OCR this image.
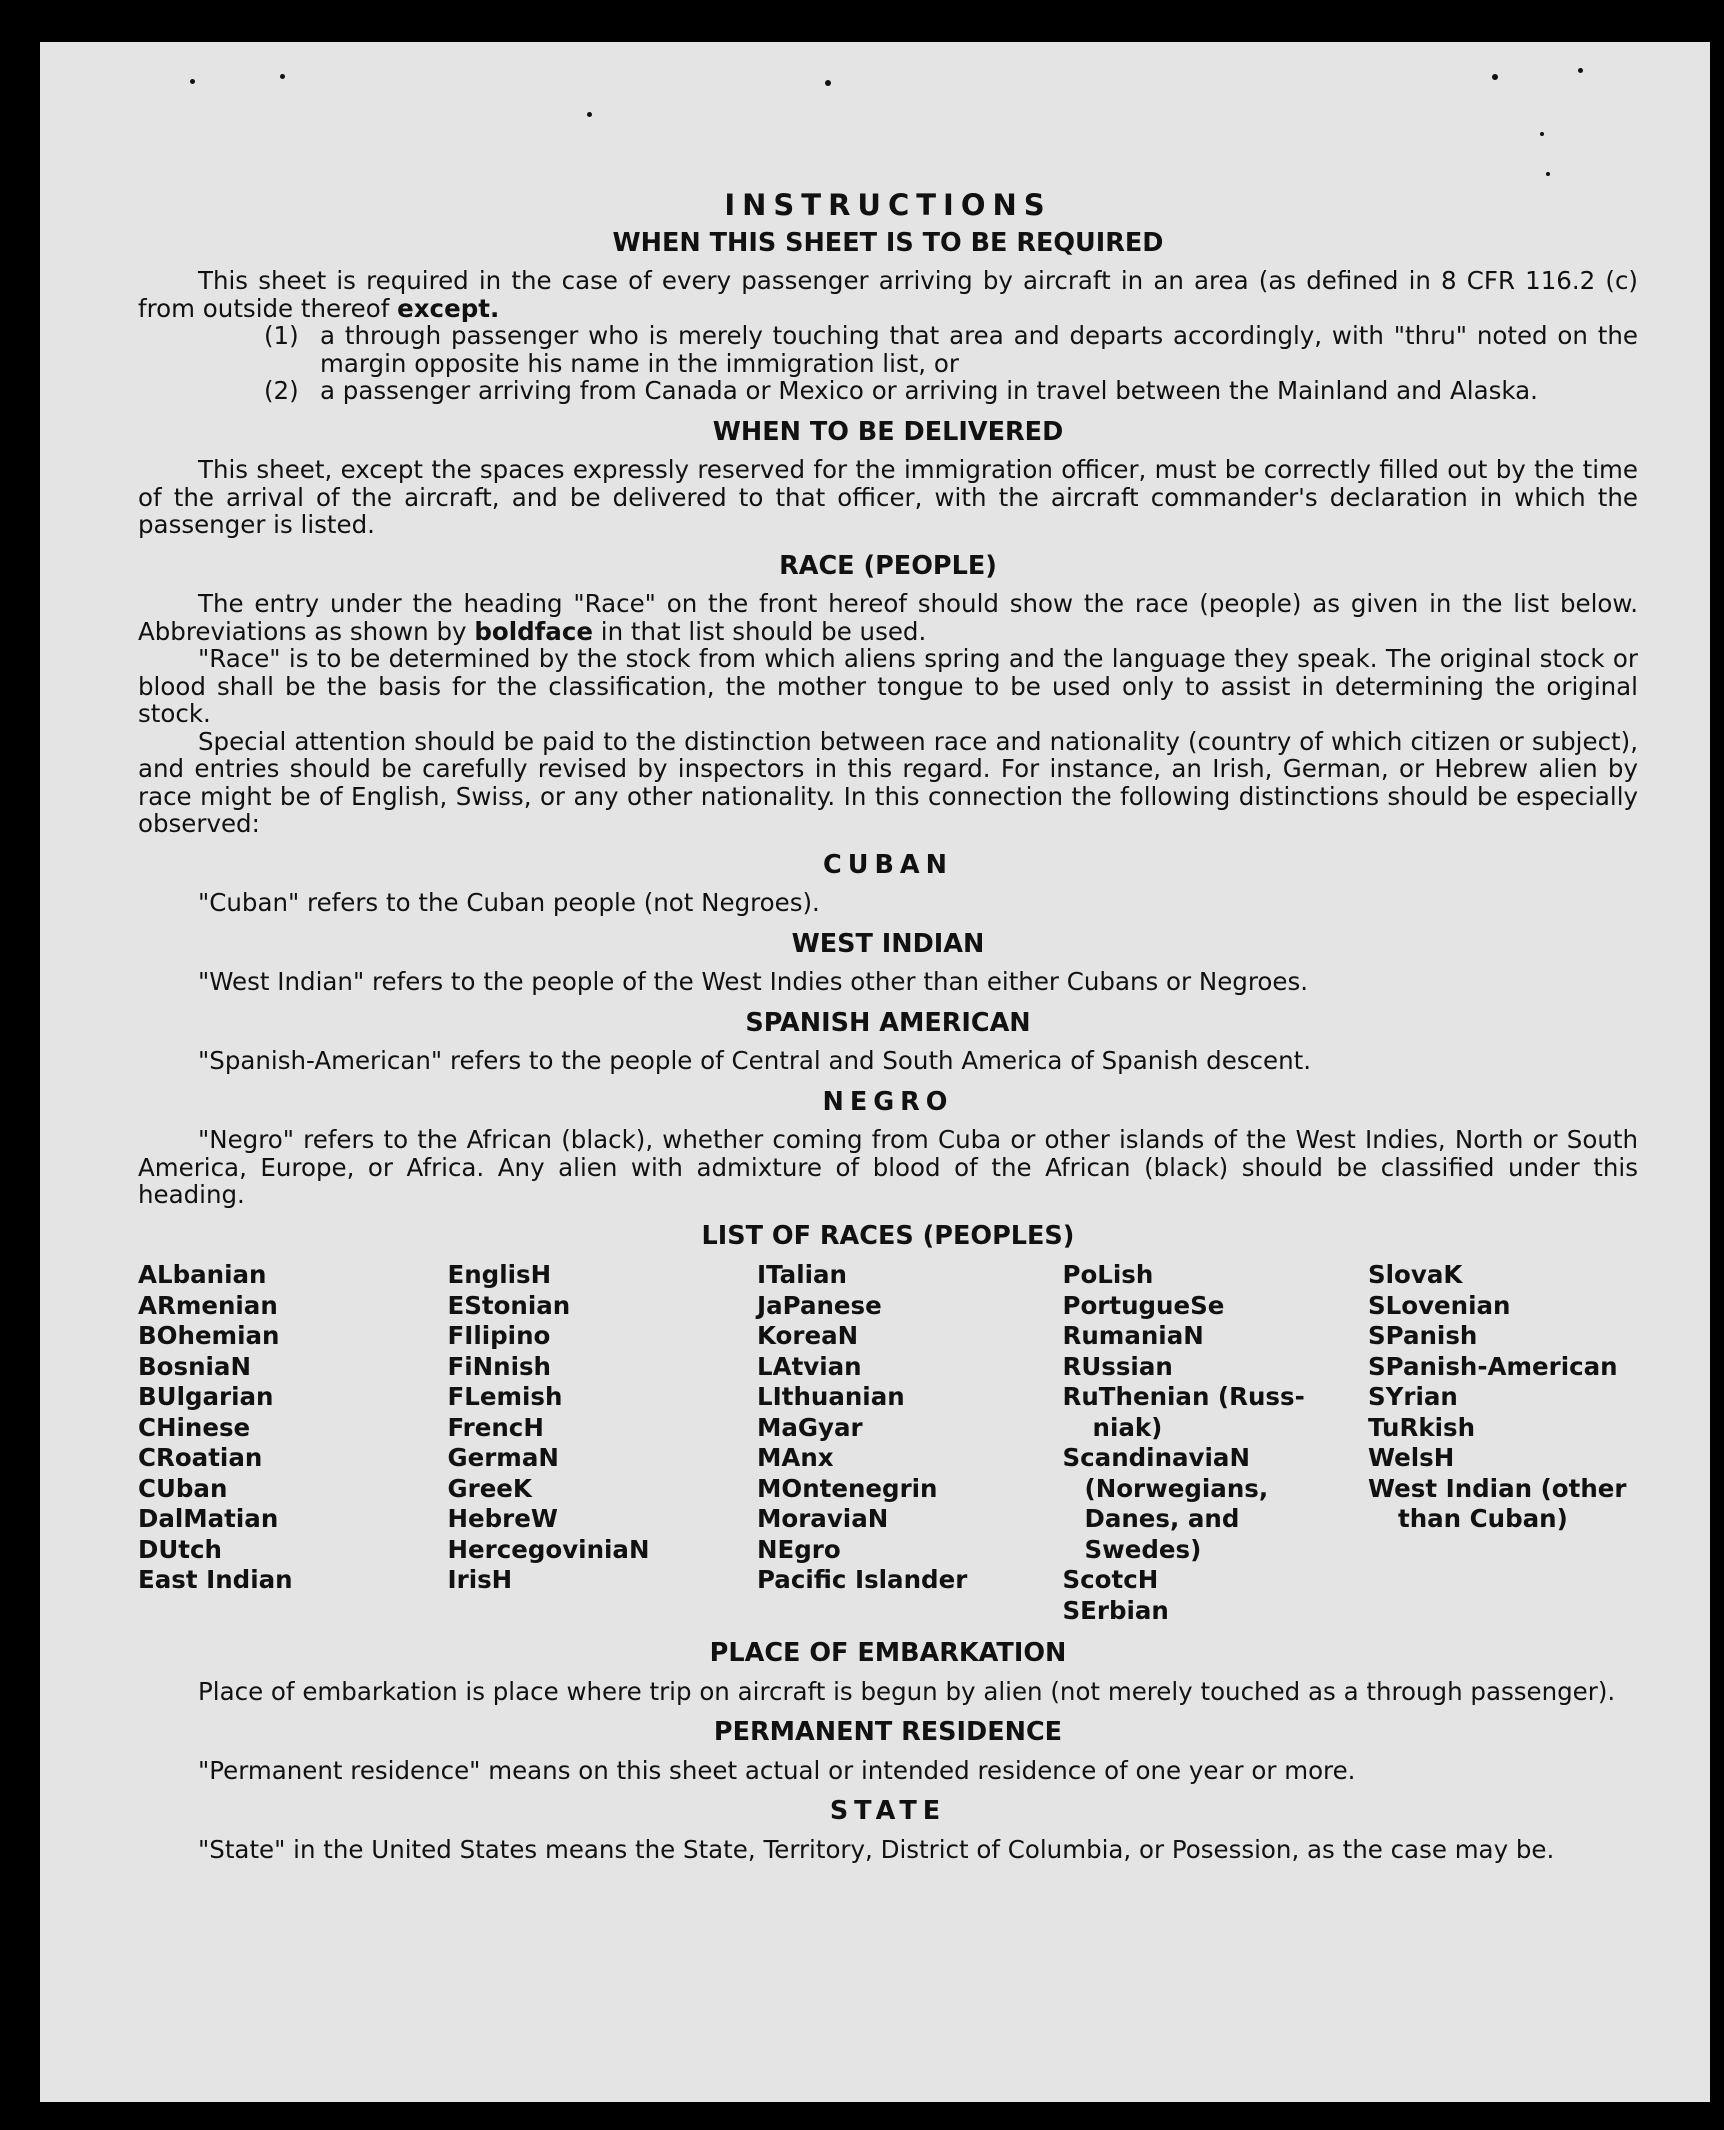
INSTRUCTIONS
WHEN THIS SHEET IS TO BE REQUIRED

This sheet is required in the case of every passenger arriving by aircraft in an area (as defined in 8 CFR 116.2 (c) from outside thereof except.

(1) a through passenger who is merely touching that area and departs accordingly, with "thru" noted on the margin opposite his name in the immigration list, or
(2) a passenger arriving from Canada or Mexico or arriving in travel between the Mainland and Alaska.
WHEN TO BE DELIVERED

This sheet, except the spaces expressly reserved for the immigration officer, must be correctly filled out by the time of the arrival of the aircraft, and be delivered to that officer, with the aircraft commander's declaration in which the passenger is listed.

RACE (PEOPLE)

The entry under the heading "Race" on the front hereof should show the race (people) as given in the list below. Abbreviations as shown by boldface in that list should be used.

"Race" is to be determined by the stock from which aliens spring and the language they speak. The original stock or blood shall be the basis for the classification, the mother tongue to be used only to assist in determining the original stock.

Special attention should be paid to the distinction between race and nationality (country of which citizen or subject), and entries should be carefully revised by inspectors in this regard. For instance, an Irish, German, or Hebrew alien by race might be of English, Swiss, or any other nationality. In this connection the following distinctions should be especially observed:

CUBAN

"Cuban" refers to the Cuban people (not Negroes).

WEST INDIAN

"West Indian" refers to the people of the West Indies other than either Cubans or Negroes.

SPANISH AMERICAN

"Spanish-American" refers to the people of Central and South America of Spanish descent.

NEGRO

"Negro" refers to the African (black), whether coming from Cuba or other islands of the West Indies, North or South America, Europe, or Africa. Any alien with admixture of blood of the African (black) should be classified under this heading.

LIST OF RACES (PEOPLES)
ALbanian
ARmenian
BOhemian
BosniaN
BUlgarian
CHinese
CRoatian
CUban
DalMatian
DUtch
East Indian
EnglisH
EStonian
FIlipino
FiNnish
FLemish
FrencH
GermaN
GreeK
HebreW
HercegoviniaN
IrisH
ITalian
JaPanese
KoreaN
LAtvian
LIthuanian
MaGyar
MAnx
MOntenegrin
MoraviaN
NEgro
Pacific Islander
PoLish
PortugueSe
RumaniaN
RUssian
RuThenian (Russ-
niak)
ScandinaviaN
(Norwegians,
Danes, and
Swedes)
ScotcH
SErbian
SlovaK
SLovenian
SPanish
SPanish-American
SYrian
TuRkish
WelsH
West Indian (other
than Cuban)
PLACE OF EMBARKATION

Place of embarkation is place where trip on aircraft is begun by alien (not merely touched as a through passenger).

PERMANENT RESIDENCE

"Permanent residence" means on this sheet actual or intended residence of one year or more.

STATE

"State" in the United States means the State, Territory, District of Columbia, or Posession, as the case may be.
